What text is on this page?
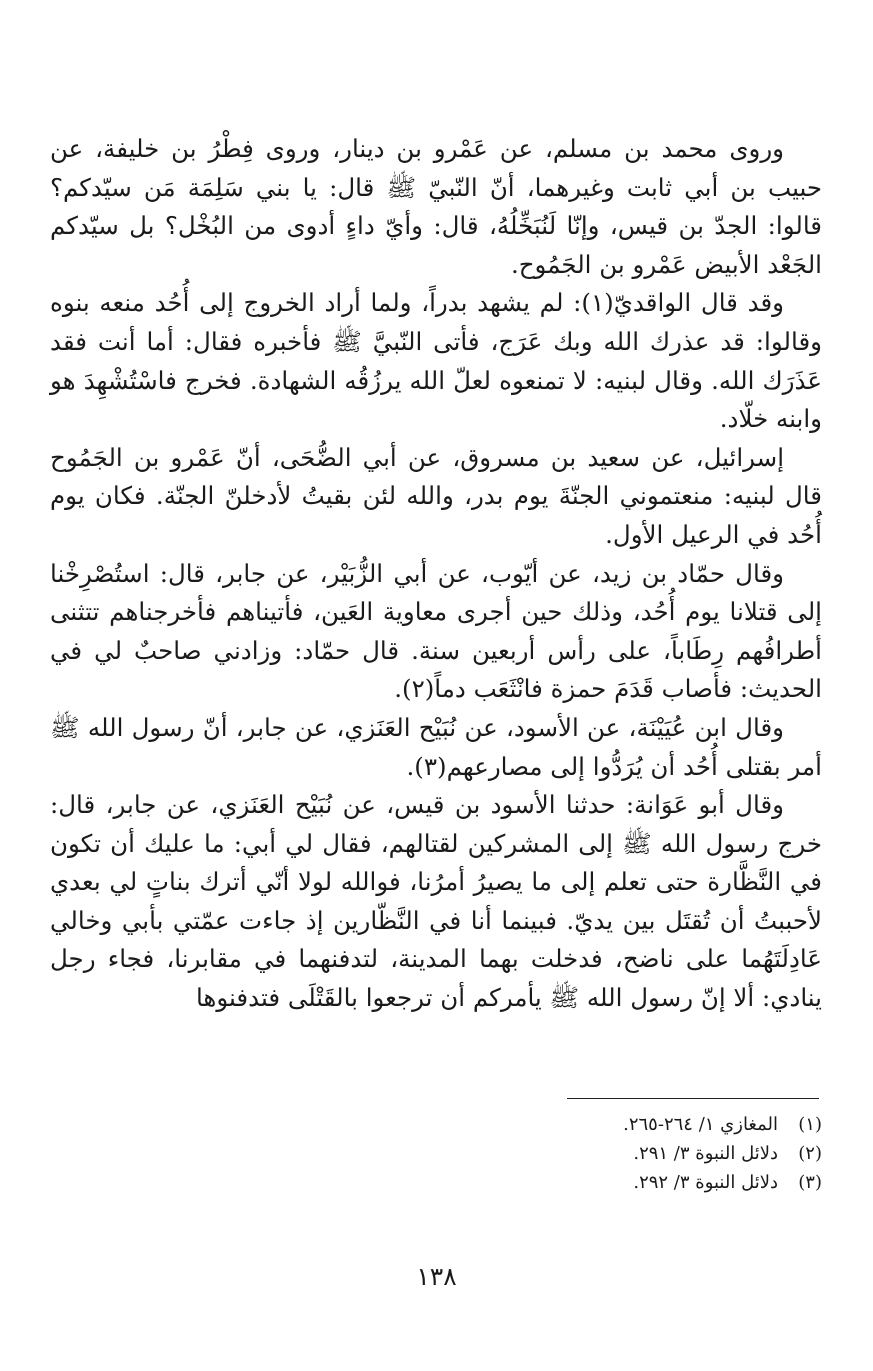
وروى محمد بن مسلم، عن عَمْرو بن دينار، وروى فِطْرُ بن خليفة، عن حبيب بن أبي ثابت وغيرهما، أنّ النّبيّ ﷺ قال: يا بني سَلِمَة مَن سيّدكم؟ قالوا: الجدّ بن قيس، وإنّا لَنُبَخِّلُهُ، قال: وأيّ داءٍ أدوى من البُخْل؟ بل سيّدكم الجَعْد الأبيض عَمْرو بن الجَمُوح.

وقد قال الواقديّ(١): لم يشهد بدراً، ولما أراد الخروج إلى أُحُد منعه بنوه وقالوا: قد عذرك الله وبك عَرَج، فأتى النّبيَّ ﷺ فأخبره فقال: أما أنت فقد عَذَرَك الله. وقال لبنيه: لا تمنعوه لعلّ الله يرزُقُه الشهادة. فخرج فاسْتُشْهِدَ هو وابنه خلّاد.

إسرائيل، عن سعيد بن مسروق، عن أبي الضُّحَى، أنّ عَمْرو بن الجَمُوح قال لبنيه: منعتموني الجنّةَ يوم بدر، والله لئن بقيتُ لأدخلنّ الجنّة. فكان يوم أُحُد في الرعيل الأول.

وقال حمّاد بن زيد، عن أيّوب، عن أبي الزُّبَيْر، عن جابر، قال: استُصْرِخْنا إلى قتلانا يوم أُحُد، وذلك حين أجرى معاوية العَين، فأتيناهم فأخرجناهم تتثنى أطرافُهم رِطَاباً، على رأس أربعين سنة. قال حمّاد: وزادني صاحبٌ لي في الحديث: فأصاب قَدَمَ حمزة فانْثَعَب دماً(٢).

وقال ابن عُيَيْنَة، عن الأسود، عن نُبَيْح العَنَزي، عن جابر، أنّ رسول الله ﷺ أمر بقتلى أُحُد أن يُرَدُّوا إلى مصارعهم(٣).

وقال أبو عَوَانة: حدثنا الأسود بن قيس، عن نُبَيْح العَنَزي، عن جابر، قال: خرج رسول الله ﷺ إلى المشركين لقتالهم، فقال لي أبي: ما عليك أن تكون في النَّظَّارة حتى تعلم إلى ما يصيرُ أمرُنا، فوالله لولا أنّي أترك بناتٍ لي بعدي لأحببتُ أن تُقتَل بين يديّ. فبينما أنا في النَّظّارين إذ جاءت عمّتي بأبي وخالي عَادِلَتَهُما على ناضح، فدخلت بهما المدينة، لتدفنهما في مقابرنا، فجاء رجل ينادي: ألا إنّ رسول الله ﷺ يأمركم أن ترجعوا بالقَتْلَى فتدفنوها

(١)المغازي ١/ ٢٦٤-٢٦٥.
(٢)دلائل النبوة ٣/ ٢٩١.
(٣)دلائل النبوة ٣/ ٢٩٢.
١٣٨
